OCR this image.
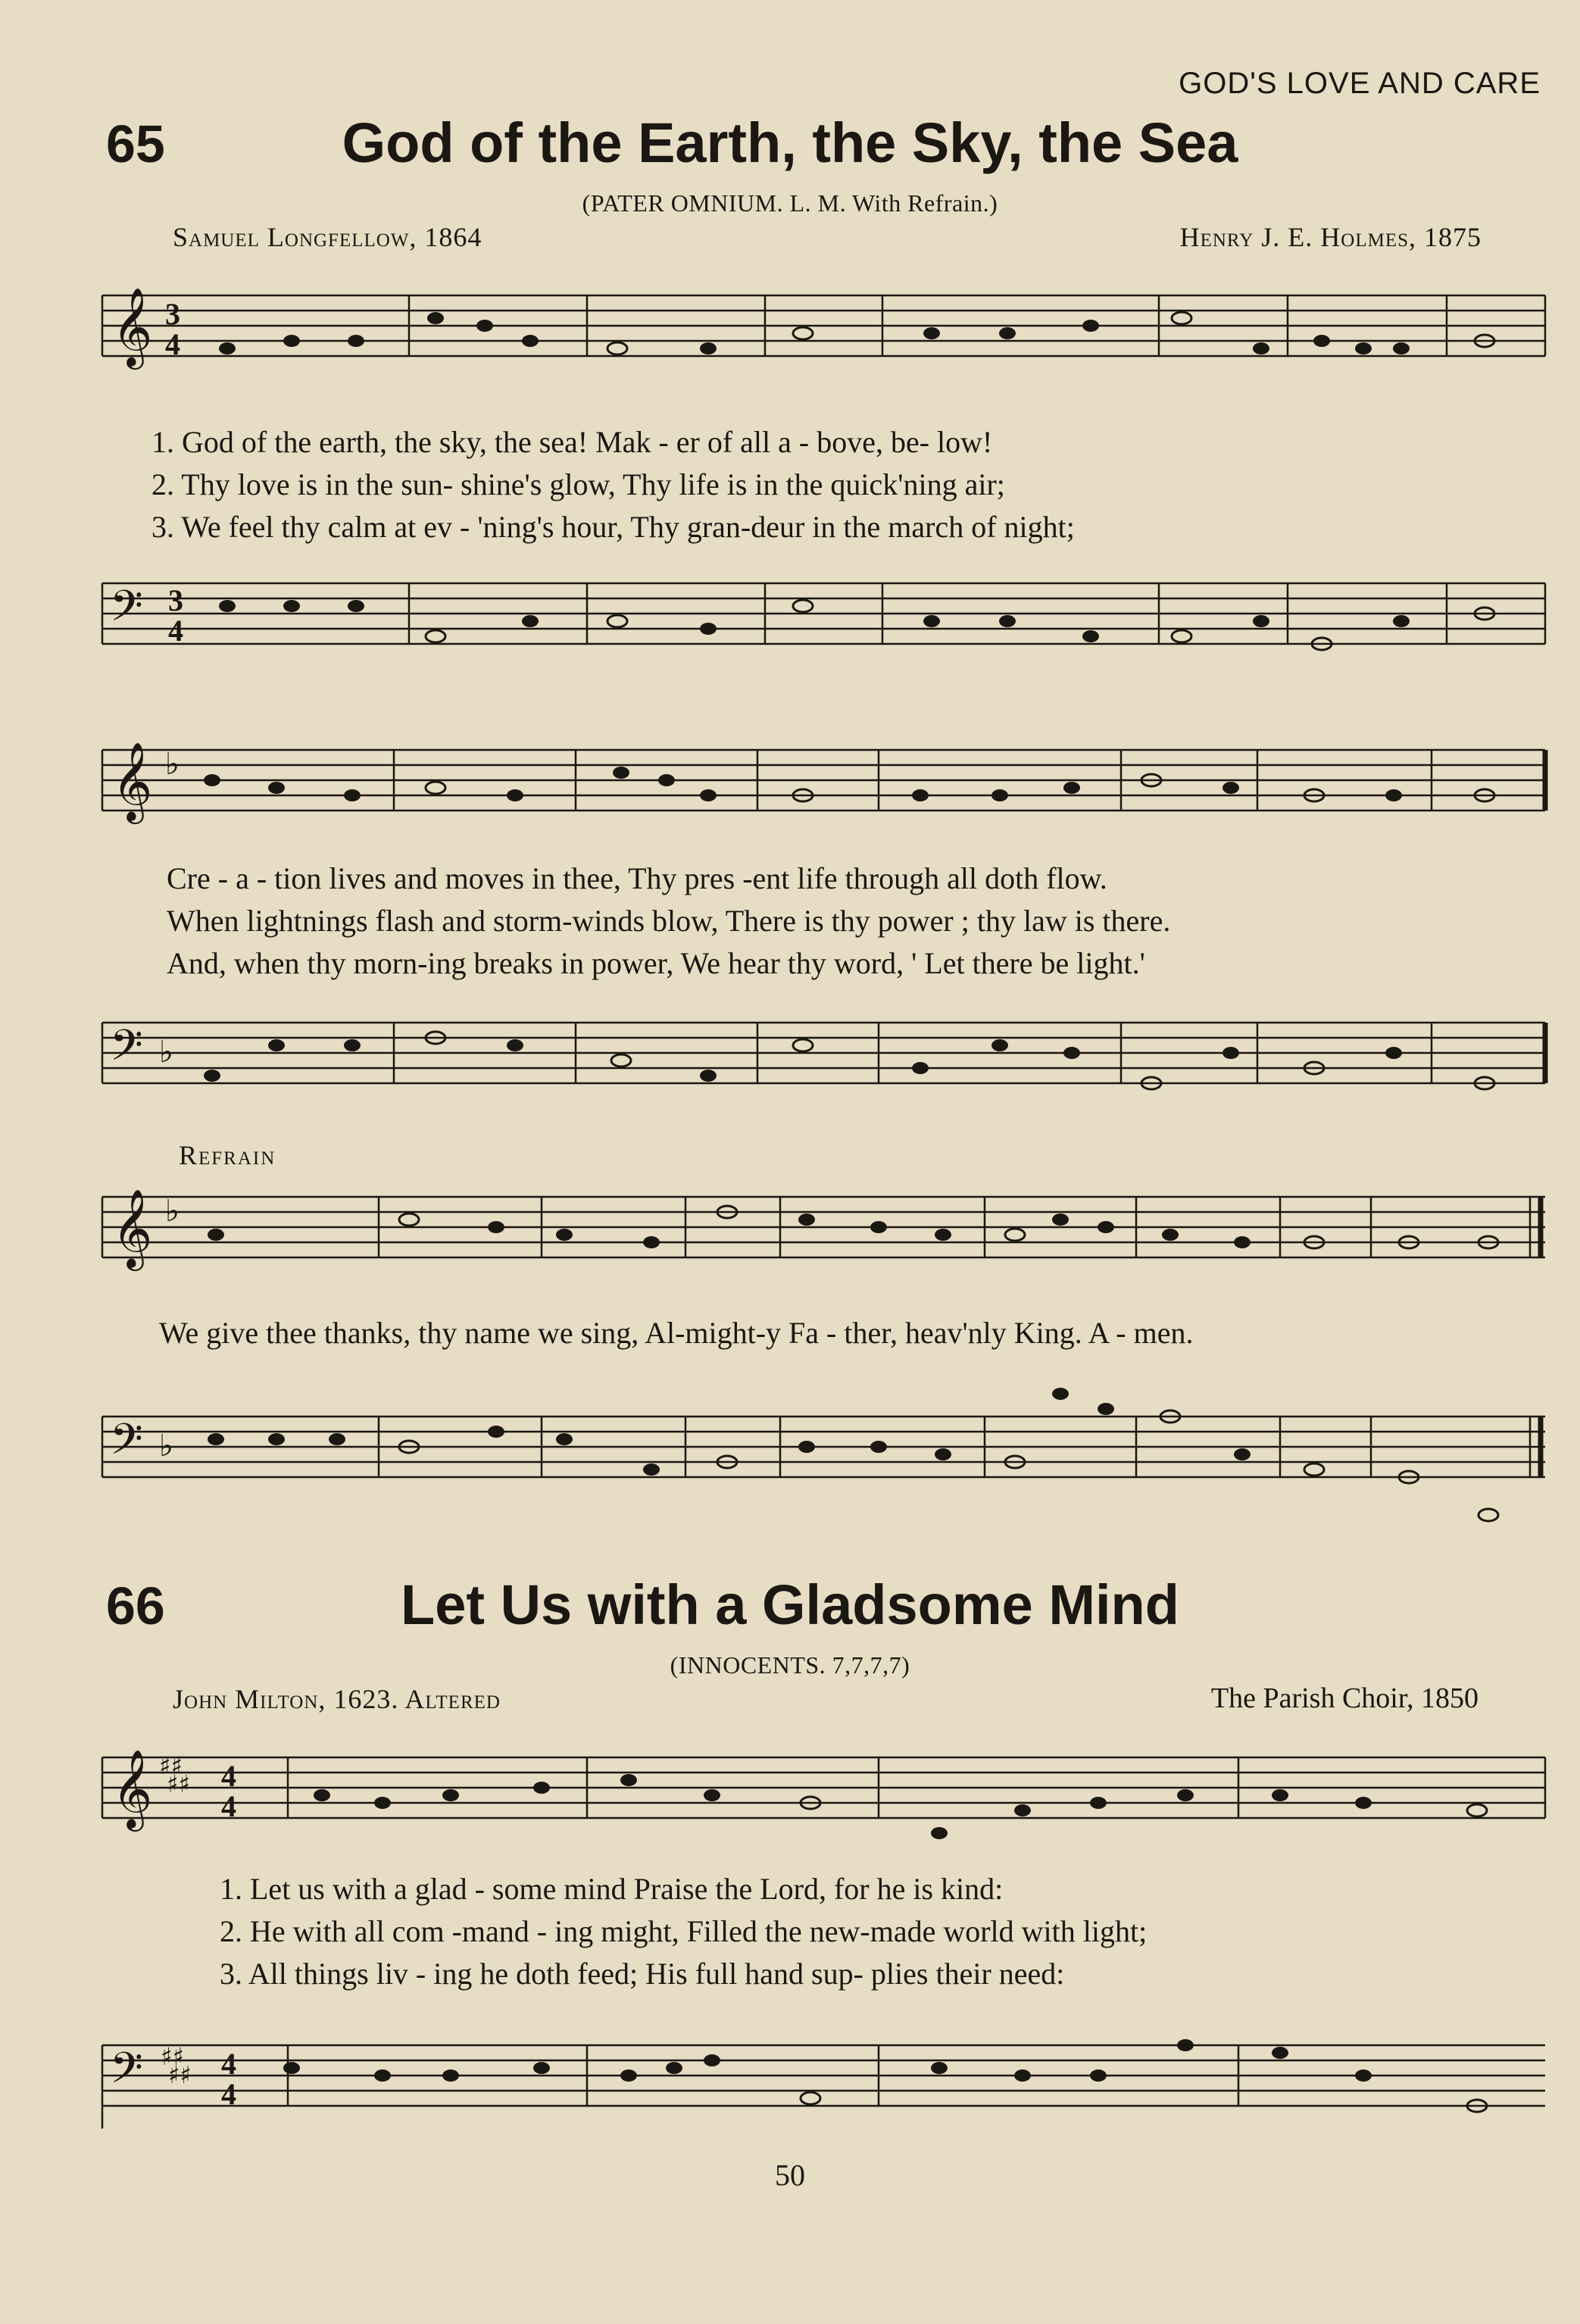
GOD'S LOVE AND CARE
65	God of the Earth, the Sky, the Sea
(PATER OMNIUM. L. M. With Refrain.)
Samuel Longfellow, 1864	Henry J. E. Holmes, 1875
𝄞 3
4
1. God of the earth, the sky, the sea! Mak - er of all a - bove, be- low!
2. Thy love is in the sun- shine's glow, Thy life is in the quick'ning air;
3. We feel thy calm at ev - 'ning's hour, Thy gran-deur in the march of night;
𝄢 3
4
𝄞 ♭
Cre - a - tion lives and moves in thee, Thy pres -ent life through all doth flow.
When lightnings flash and storm-winds blow, There is thy power ; thy law is there.
And, when thy morn-ing breaks in power, We hear thy word, ' Let there be light.'
𝄢 ♭
Refrain
𝄞 ♭
We give thee thanks, thy name we sing, Al-might-y Fa - ther, heav'nly King. A - men.
𝄢 ♭
66	Let Us with a Gladsome Mind
(INNOCENTS. 7,7,7,7)
John Milton, 1623. Altered	The Parish Choir, 1850
𝄞 ♯♯
♯♯ 4
4
1. Let us with a glad - some mind Praise the Lord, for he is kind:
2. He with all com -mand - ing might, Filled the new-made world with light;
3. All things liv - ing he doth feed; His full hand sup- plies their need:
𝄢 ♯♯
♯♯ 4
4
50
